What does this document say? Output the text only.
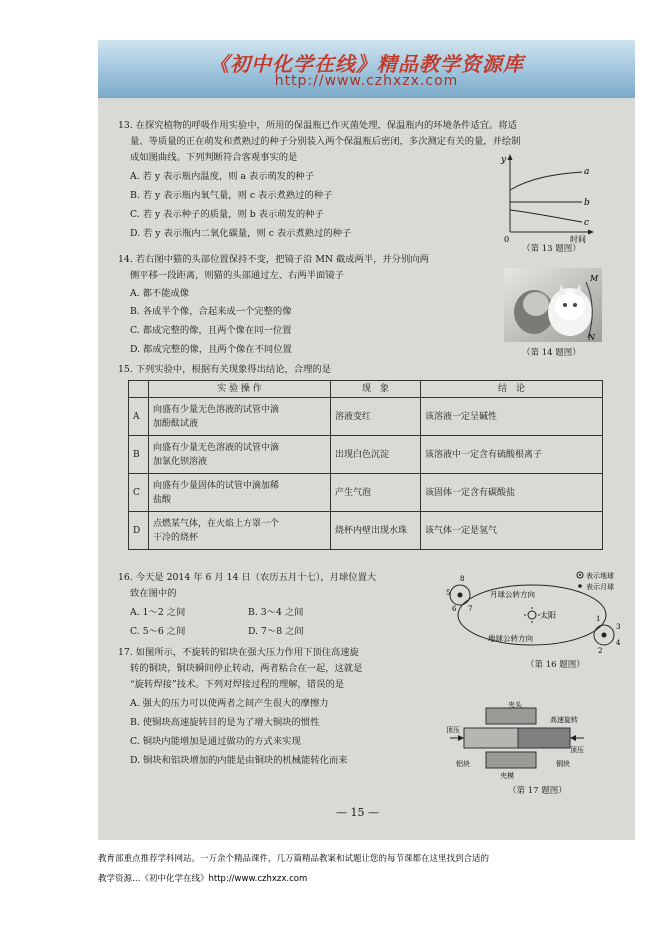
《初中化学在线》精品教学资源库
http://www.czhxzx.com
13. 在探究植物的呼吸作用实验中，所用的保温瓶已作灭菌处理，保温瓶内的环境条件适宜。将适
量、等质量的正在萌发和煮熟过的种子分别装入两个保温瓶后密闭，多次测定有关的量，并绘制
成如图曲线。下列判断符合客观事实的是
A. 若 y 表示瓶内温度，则 a 表示萌发的种子
B. 若 y 表示瓶内氧气量，则 c 表示煮熟过的种子
C. 若 y 表示种子的质量，则 b 表示萌发的种子
D. 若 y 表示瓶内二氧化碳量，则 c 表示煮熟过的种子
y
a
b
c
0	时间
（第 13 题图）
14. 若右图中猫的头部位置保持不变，把镜子沿 MN 截成两半，并分别向两
侧平移一段距离，则猫的头部通过左、右两半面镜子
A. 都不能成像
B. 各成半个像，合起来成一个完整的像
C. 都成完整的像，且两个像在同一位置
D. 都成完整的像，且两个像在不同位置
M
N
（第 14 题图）
15. 下列实验中，根据有关现象得出结论，合理的是
	实 验 操 作	现　象	结　论
A	向盛有少量无色溶液的试管中滴
加酚酞试液	溶液变红	该溶液一定呈碱性
B	向盛有少量无色溶液的试管中滴
加氯化钡溶液	出现白色沉淀	该溶液中一定含有硫酸根离子
C	向盛有少量固体的试管中滴加稀
盐酸	产生气泡	该固体一定含有碳酸盐
D	点燃某气体，在火焰上方罩一个
干冷的烧杯	烧杯内壁出现水珠	该气体一定是氢气
16. 今天是 2014 年 6 月 14 日（农历五月十七），月球位置大
致在图中的
A. 1～2 之间	B. 3～4 之间
C. 5～6 之间	D. 7～8 之间
太阳
月球公转方向
地球公转方向
8
5
6 7
1
3
4
2
表示地球
表示月球
（第 16 题图）
17. 如图所示，不旋转的铝块在强大压力作用下顶住高速旋
转的铜块，铜块瞬间停止转动，两者粘合在一起，这就是
“旋转焊接”技术。下列对焊接过程的理解，错误的是
A. 强大的压力可以使两者之间产生很大的摩擦力
B. 使铜块高速旋转目的是为了增大铜块的惯性
C. 铜块内能增加是通过做功的方式来实现
D. 铜块和铝块增加的内能是由铜块的机械能转化而来
夹头
高速旋转
顶压
顶压
夹模
铝块	铜块
（第 17 题图）
— 15 —
教育部重点推荐学科网站。一万余个精品课件，几万篇精品教案和试题让您的每节课都在这里找到合适的
教学资源…《初中化学在线》http://www.czhxzx.com
